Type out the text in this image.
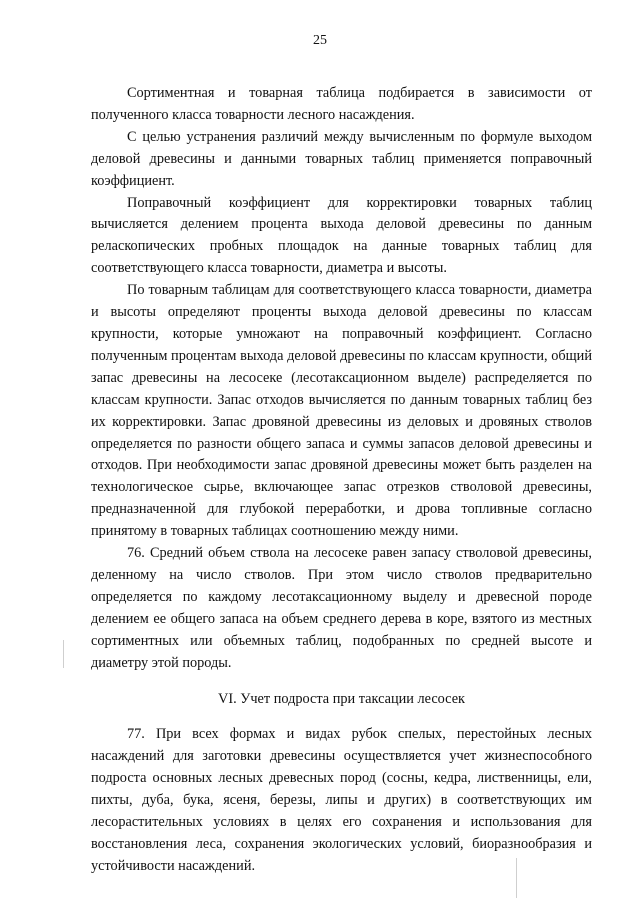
25

Сортиментная и товарная таблица подбирается в зависимости от полученного класса товарности лесного насаждения.

С целью устранения различий между вычисленным по формуле выходом деловой древесины и данными товарных таблиц применяется поправочный коэффициент.

Поправочный коэффициент для корректировки товарных таблиц вычисляется делением процента выхода деловой древесины по данным реласкопических пробных площадок на данные товарных таблиц для соответствующего класса товарности, диаметра и высоты.

По товарным таблицам для соответствующего класса товарности, диаметра и высоты определяют проценты выхода деловой древесины по классам крупности, которые умножают на поправочный коэффициент. Согласно полученным процентам выхода деловой древесины по классам крупности, общий запас древесины на лесосеке (лесотаксационном выделе) распределяется по классам крупности. Запас отходов вычисляется по данным товарных таблиц без их корректировки. Запас дровяной древесины из деловых и дровяных стволов определяется по разности общего запаса и суммы запасов деловой древесины и отходов. При необходимости запас дровяной древесины может быть разделен на технологическое сырье, включающее запас отрезков стволовой древесины, предназначенной для глубокой переработки, и дрова топливные согласно принятому в товарных таблицах соотношению между ними.

76. Средний объем ствола на лесосеке равен запасу стволовой древесины, деленному на число стволов. При этом число стволов предварительно определяется по каждому лесотаксационному выделу и древесной породе делением ее общего запаса на объем среднего дерева в коре, взятого из местных сортиментных или объемных таблиц, подобранных по средней высоте и диаметру этой породы.

VI. Учет подроста при таксации лесосек

77. При всех формах и видах рубок спелых, перестойных лесных насаждений для заготовки древесины осуществляется учет жизнеспособного подроста основных лесных древесных пород (сосны, кедра, лиственницы, ели, пихты, дуба, бука, ясеня, березы, липы и других) в соответствующих им лесорастительных условиях в целях его сохранения и использования для восстановления леса, сохранения экологических условий, биоразнообразия и устойчивости насаждений.
